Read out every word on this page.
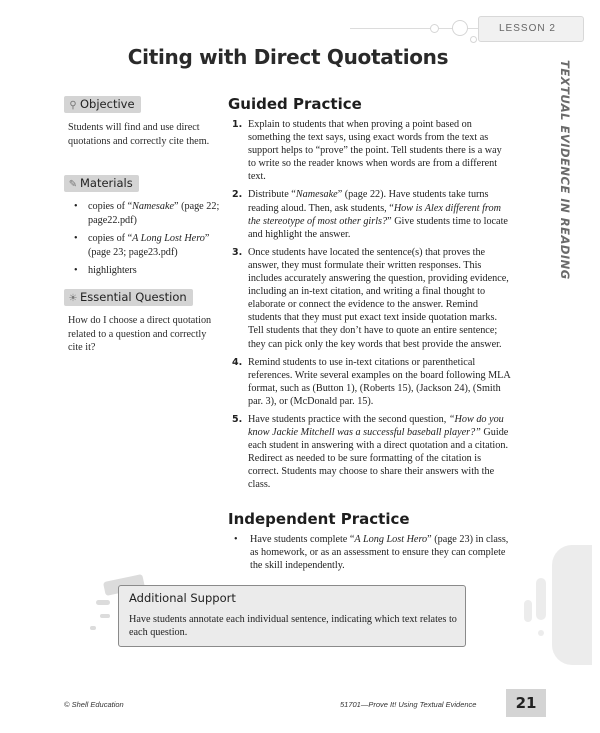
LESSON 2
Citing with Direct Quotations
TEXTUAL EVIDENCE IN READING
⚲ Objective

Students will find and use direct quotations and correctly cite them.

✎ Materials
• copies of “Namesake” (page 22; page22.pdf)
• copies of “A Long Lost Hero” (page 23; page23.pdf)
• highlighters
☀ Essential Question

How do I choose a direct quotation related to a question and correctly cite it?

Guided Practice
1. Explain to students that when proving a point based on something the text says, using exact words from the text as support helps to “prove” the point. Tell students there is a way to write so the reader knows when words are from a different text.
2. Distribute “Namesake” (page 22). Have students take turns reading aloud. Then, ask students, “How is Alex different from the stereotype of most other girls?” Give students time to locate and highlight the answer.
3. Once students have located the sentence(s) that proves the answer, they must formulate their written responses. This includes accurately answering the question, providing evidence, including an in-text citation, and writing a final thought to elaborate or connect the evidence to the answer. Remind students that they must put exact text inside quotation marks. Tell students that they don’t have to quote an entire sentence; they can pick only the key words that best provide the answer.
4. Remind students to use in-text citations or parenthetical references. Write several examples on the board following MLA format, such as (Button 1), (Roberts 15), (Jackson 24), (Smith par. 3), or (McDonald par. 15).
5. Have students practice with the second question, “How do you know Jackie Mitchell was a successful baseball player?” Guide each student in answering with a direct quotation and a citation. Redirect as needed to be sure formatting of the citation is correct. Students may choose to share their answers with the class.
Independent Practice
• Have students complete “A Long Lost Hero” (page 23) in class, as homework, or as an assessment to ensure they can complete the skill independently.
Additional Support

Have students annotate each individual sentence, indicating which text relates to each question.

© Shell Education	51701—Prove It! Using Textual Evidence	21
